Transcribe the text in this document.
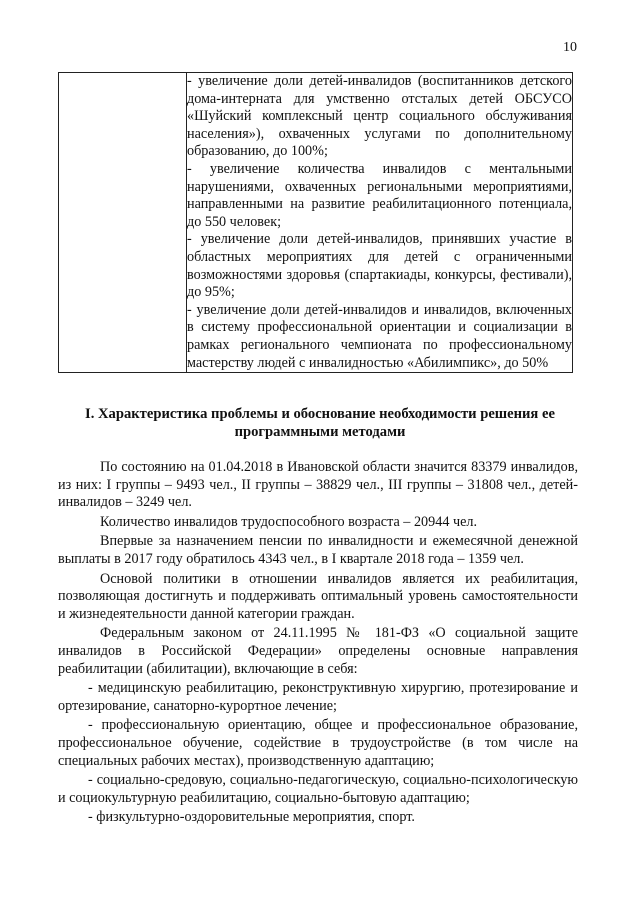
10

- увеличение доли детей-инвалидов (воспитанников детского дома-интерната для умственно отсталых детей ОБСУСО «Шуйский комплексный центр социального обслуживания населения»), охваченных услугами по дополнительному образованию, до 100%;

- увеличение количества инвалидов с ментальными нарушениями, охваченных региональными мероприятиями, направленными на развитие реабилитационного потенциала, до 550 человек;

- увеличение доли детей-инвалидов, принявших участие в областных мероприятиях для детей с ограниченными возможностями здоровья (спартакиады, конкурсы, фестивали), до 95%;

- увеличение доли детей-инвалидов и инвалидов, включенных в систему профессиональной ориентации и социализации в рамках регионального чемпионата по профессиональному мастерству людей с инвалидностью «Абилимпикс», до 50%

I. Характеристика проблемы и обоснование необходимости решения ее программными методами

По состоянию на 01.04.2018 в Ивановской области значится 83379 инвалидов, из них: I группы – 9493 чел., II группы – 38829 чел., III группы – 31808 чел., детей-инвалидов – 3249 чел.

Количество инвалидов трудоспособного возраста – 20944 чел.

Впервые за назначением пенсии по инвалидности и ежемесячной денежной выплаты в 2017 году обратилось 4343 чел., в I квартале 2018 года – 1359 чел.

Основой политики в отношении инвалидов является их реабилитация, позволяющая достигнуть и поддерживать оптимальный уровень самостоятельности и жизнедеятельности данной категории граждан.

Федеральным законом от 24.11.1995 № 181-ФЗ «О социальной защите инвалидов в Российской Федерации» определены основные направления реабилитации (абилитации), включающие в себя:

- медицинскую реабилитацию, реконструктивную хирургию, протезирование и ортезирование, санаторно-курортное лечение;

- профессиональную ориентацию, общее и профессиональное образование, профессиональное обучение, содействие в трудоустройстве (в том числе на специальных рабочих местах), производственную адаптацию;

- социально-средовую, социально-педагогическую, социально-психологическую и социокультурную реабилитацию, социально-бытовую адаптацию;

- физкультурно-оздоровительные мероприятия, спорт.
